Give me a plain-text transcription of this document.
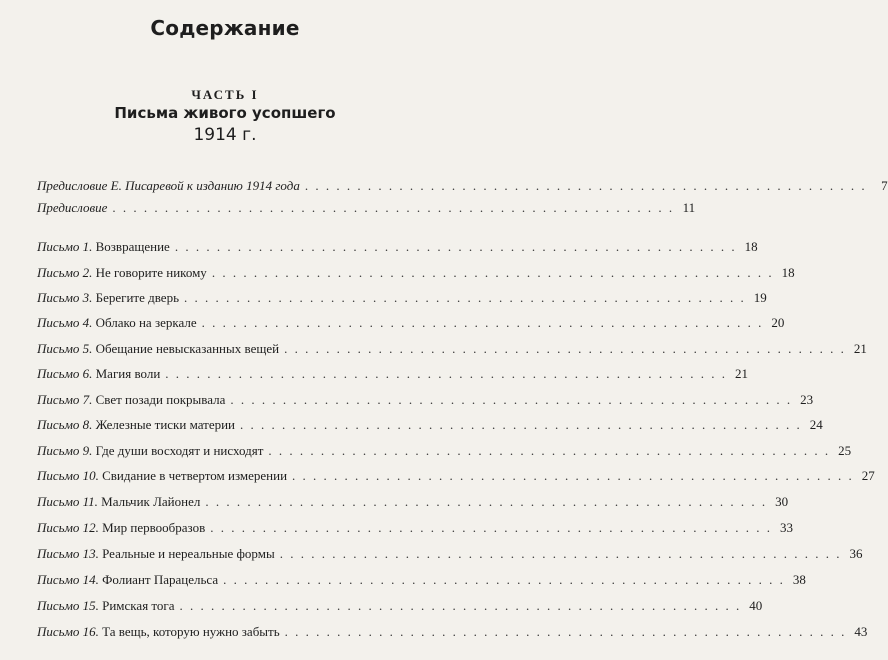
Содержание
ЧАСТЬ I
Письма живого усопшего
1914 г.
Предисловие Е. Писаревой к изданию 1914 года . . . . . . . . . . . . . . . . . . . . . . . . . . . . . . . . . . . . . . . . . . . . . . . . . . . . . .	7
Предисловие . . . . . . . . . . . . . . . . . . . . . . . . . . . . . . . . . . . . . . . . . . . . . . . . . . . . . . 11
Письмо 1. Возвращение . . . . . . . . . . . . . . . . . . . . . . . . . . . . . . . . . . . . . . . . . . . . . . . . . . . . . . 18
Письмо 2. Не говорите никому . . . . . . . . . . . . . . . . . . . . . . . . . . . . . . . . . . . . . . . . . . . . . . . . . . . . . . 18
Письмо 3. Берегите дверь . . . . . . . . . . . . . . . . . . . . . . . . . . . . . . . . . . . . . . . . . . . . . . . . . . . . . . 19
Письмо 4. Облако на зеркале . . . . . . . . . . . . . . . . . . . . . . . . . . . . . . . . . . . . . . . . . . . . . . . . . . . . . . 20
Письмо 5. Обещание невысказанных вещей . . . . . . . . . . . . . . . . . . . . . . . . . . . . . . . . . . . . . . . . . . . . . . . . . . . . . . 21
Письмо 6. Магия воли . . . . . . . . . . . . . . . . . . . . . . . . . . . . . . . . . . . . . . . . . . . . . . . . . . . . . . 21
Письмо 7. Свет позади покрывала . . . . . . . . . . . . . . . . . . . . . . . . . . . . . . . . . . . . . . . . . . . . . . . . . . . . . . 23
Письмо 8. Железные тиски материи . . . . . . . . . . . . . . . . . . . . . . . . . . . . . . . . . . . . . . . . . . . . . . . . . . . . . . 24
Письмо 9. Где души восходят и нисходят . . . . . . . . . . . . . . . . . . . . . . . . . . . . . . . . . . . . . . . . . . . . . . . . . . . . . . 25
Письмо 10. Свидание в четвертом измерении . . . . . . . . . . . . . . . . . . . . . . . . . . . . . . . . . . . . . . . . . . . . . . . . . . . . . . 27
Письмо 11. Мальчик Лайонел . . . . . . . . . . . . . . . . . . . . . . . . . . . . . . . . . . . . . . . . . . . . . . . . . . . . . . 30
Письмо 12. Мир первообразов . . . . . . . . . . . . . . . . . . . . . . . . . . . . . . . . . . . . . . . . . . . . . . . . . . . . . . 33
Письмо 13. Реальные и нереальные формы . . . . . . . . . . . . . . . . . . . . . . . . . . . . . . . . . . . . . . . . . . . . . . . . . . . . . . 36
Письмо 14. Фолиант Парацельса . . . . . . . . . . . . . . . . . . . . . . . . . . . . . . . . . . . . . . . . . . . . . . . . . . . . . . 38
Письмо 15. Римская тога . . . . . . . . . . . . . . . . . . . . . . . . . . . . . . . . . . . . . . . . . . . . . . . . . . . . . . 40
Письмо 16. Та вещь, которую нужно забыть . . . . . . . . . . . . . . . . . . . . . . . . . . . . . . . . . . . . . . . . . . . . . . . . . . . . . . 43
